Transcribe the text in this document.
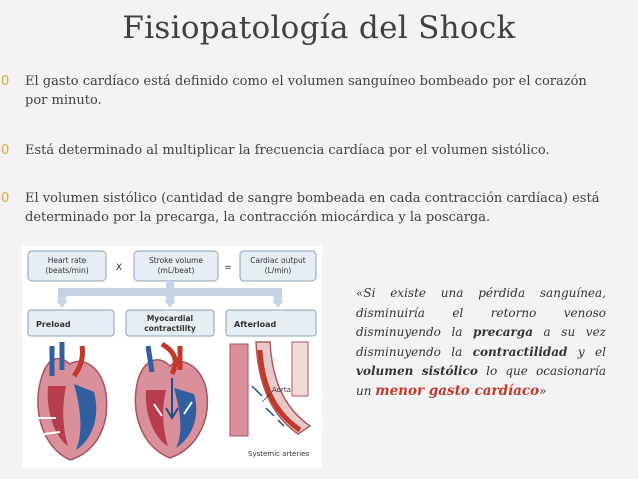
Fisiopatología del Shock
0	El gasto cardíaco está definido como el volumen sanguíneo bombeado por el corazón por minuto.
0	Está determinado al multiplicar la frecuencia cardíaca por el volumen sistólico.
0	El volumen sistólico (cantidad de sangre bombeada en cada contracción cardíaca) está determinado por la precarga, la contracción miocárdica y la poscarga.
Heart rate
(beats/min)	X
Stroke volume
(mL/beat)	=
Cardiac output
(L/min)
Preload
Myocardial
contractility	Afterload
Aorta
Systemic arteries
«Si existe una pérdida sanguínea, disminuiría el retorno venoso disminuyendo la precarga a su vez disminuyendo la contractilidad y el volumen sistólico lo que ocasionaría un menor gasto cardíaco»
